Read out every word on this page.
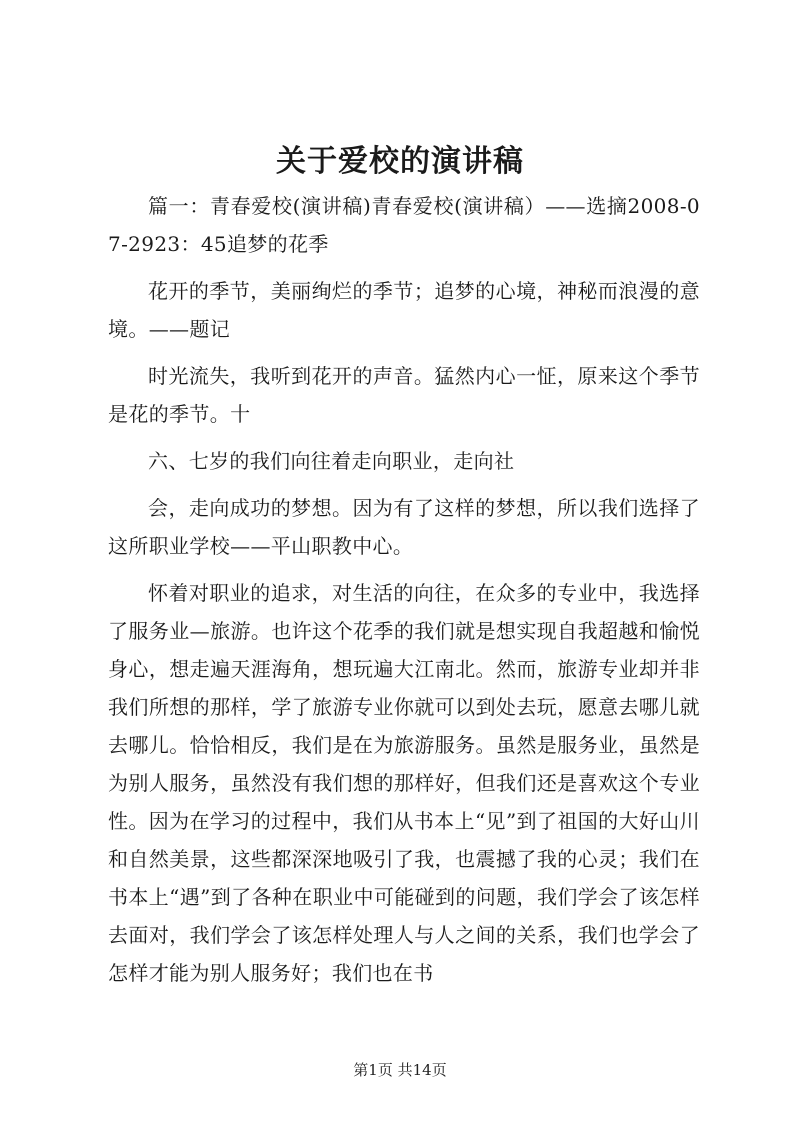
关于爱校的演讲稿

篇一：青春爱校(演讲稿)青春爱校(演讲稿）——选摘2008-07-2923：45追梦的花季

花开的季节，美丽绚烂的季节；追梦的心境，神秘而浪漫的意境。——题记

时光流失，我听到花开的声音。猛然内心一怔，原来这个季节是花的季节。十

六、七岁的我们向往着走向职业，走向社

会，走向成功的梦想。因为有了这样的梦想，所以我们选择了这所职业学校——平山职教中心。

怀着对职业的追求，对生活的向往，在众多的专业中，我选择了服务业—旅游。也许这个花季的我们就是想实现自我超越和愉悦身心，想走遍天涯海角，想玩遍大江南北。然而，旅游专业却并非我们所想的那样，学了旅游专业你就可以到处去玩，愿意去哪儿就去哪儿。恰恰相反，我们是在为旅游服务。虽然是服务业，虽然是为别人服务，虽然没有我们想的那样好，但我们还是喜欢这个专业性。因为在学习的过程中，我们从书本上“见”到了祖国的大好山川和自然美景，这些都深深地吸引了我，也震撼了我的心灵；我们在书本上“遇”到了各种在职业中可能碰到的问题，我们学会了该怎样去面对，我们学会了该怎样处理人与人之间的关系，我们也学会了怎样才能为别人服务好；我们也在书

第1页 共14页
